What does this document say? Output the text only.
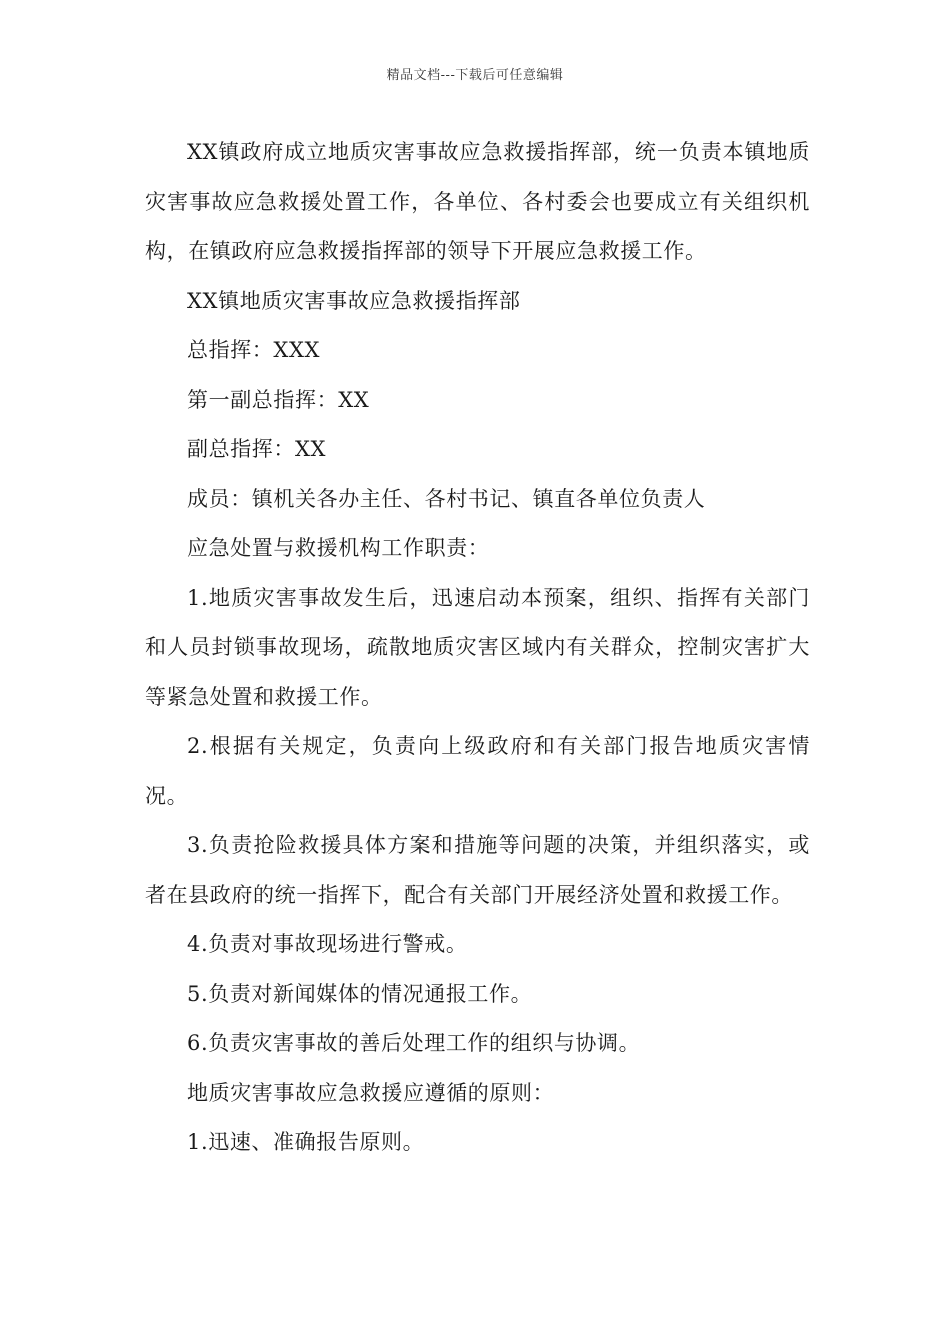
精品文档---下载后可任意编辑

XX镇政府成立地质灾害事故应急救援指挥部，统一负责本镇地质灾害事故应急救援处置工作，各单位、各村委会也要成立有关组织机构，在镇政府应急救援指挥部的领导下开展应急救援工作。

XX镇地质灾害事故应急救援指挥部

总指挥：XXX

第一副总指挥：XX

副总指挥：XX

成员：镇机关各办主任、各村书记、镇直各单位负责人

应急处置与救援机构工作职责：

1.地质灾害事故发生后，迅速启动本预案，组织、指挥有关部门和人员封锁事故现场，疏散地质灾害区域内有关群众，控制灾害扩大等紧急处置和救援工作。

2.根据有关规定，负责向上级政府和有关部门报告地质灾害情况。

3.负责抢险救援具体方案和措施等问题的决策，并组织落实，或者在县政府的统一指挥下，配合有关部门开展经济处置和救援工作。

4.负责对事故现场进行警戒。

5.负责对新闻媒体的情况通报工作。

6.负责灾害事故的善后处理工作的组织与协调。

地质灾害事故应急救援应遵循的原则：

1.迅速、准确报告原则。
